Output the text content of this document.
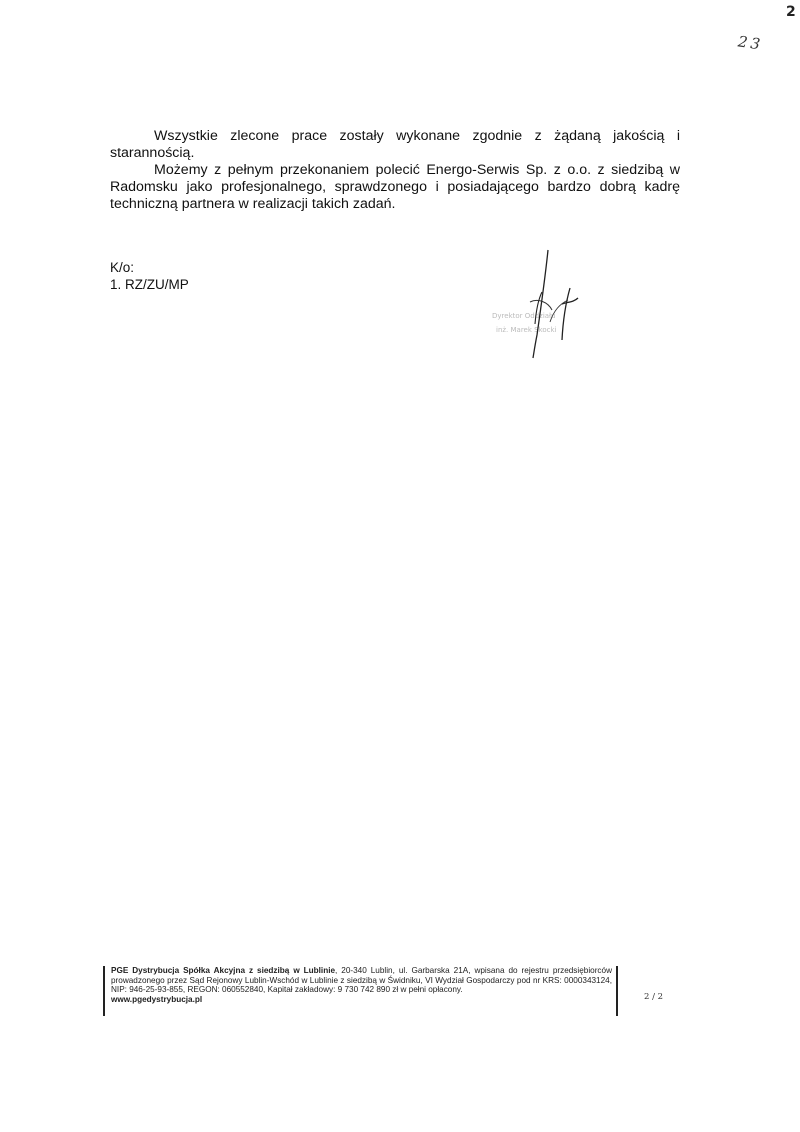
2
23

Wszystkie zlecone prace zostały wykonane zgodnie z żądaną jakością i starannością.

Możemy z pełnym przekonaniem polecić Energo-Serwis Sp. z o.o. z siedzibą w Radomsku jako profesjonalnego, sprawdzonego i posiadającego bardzo dobrą kadrę techniczną partnera w realizacji takich zadań.

K/o:
1. RZ/ZU/MP
Dyrektor Oddziału
inż. Marek Skocki
PGE Dystrybucja Spółka Akcyjna z siedzibą w Lublinie, 20-340 Lublin, ul. Garbarska 21A, wpisana do rejestru przedsiębiorców prowadzonego przez Sąd Rejonowy Lublin-Wschód w Lublinie z siedzibą w Świdniku, VI Wydział Gospodarczy pod nr KRS: 0000343124, NIP: 946-25-93-855, REGON: 060552840, Kapitał zakładowy: 9 730 742 890 zł w pełni opłacony.
www.pgedystrybucja.pl	2 / 2
